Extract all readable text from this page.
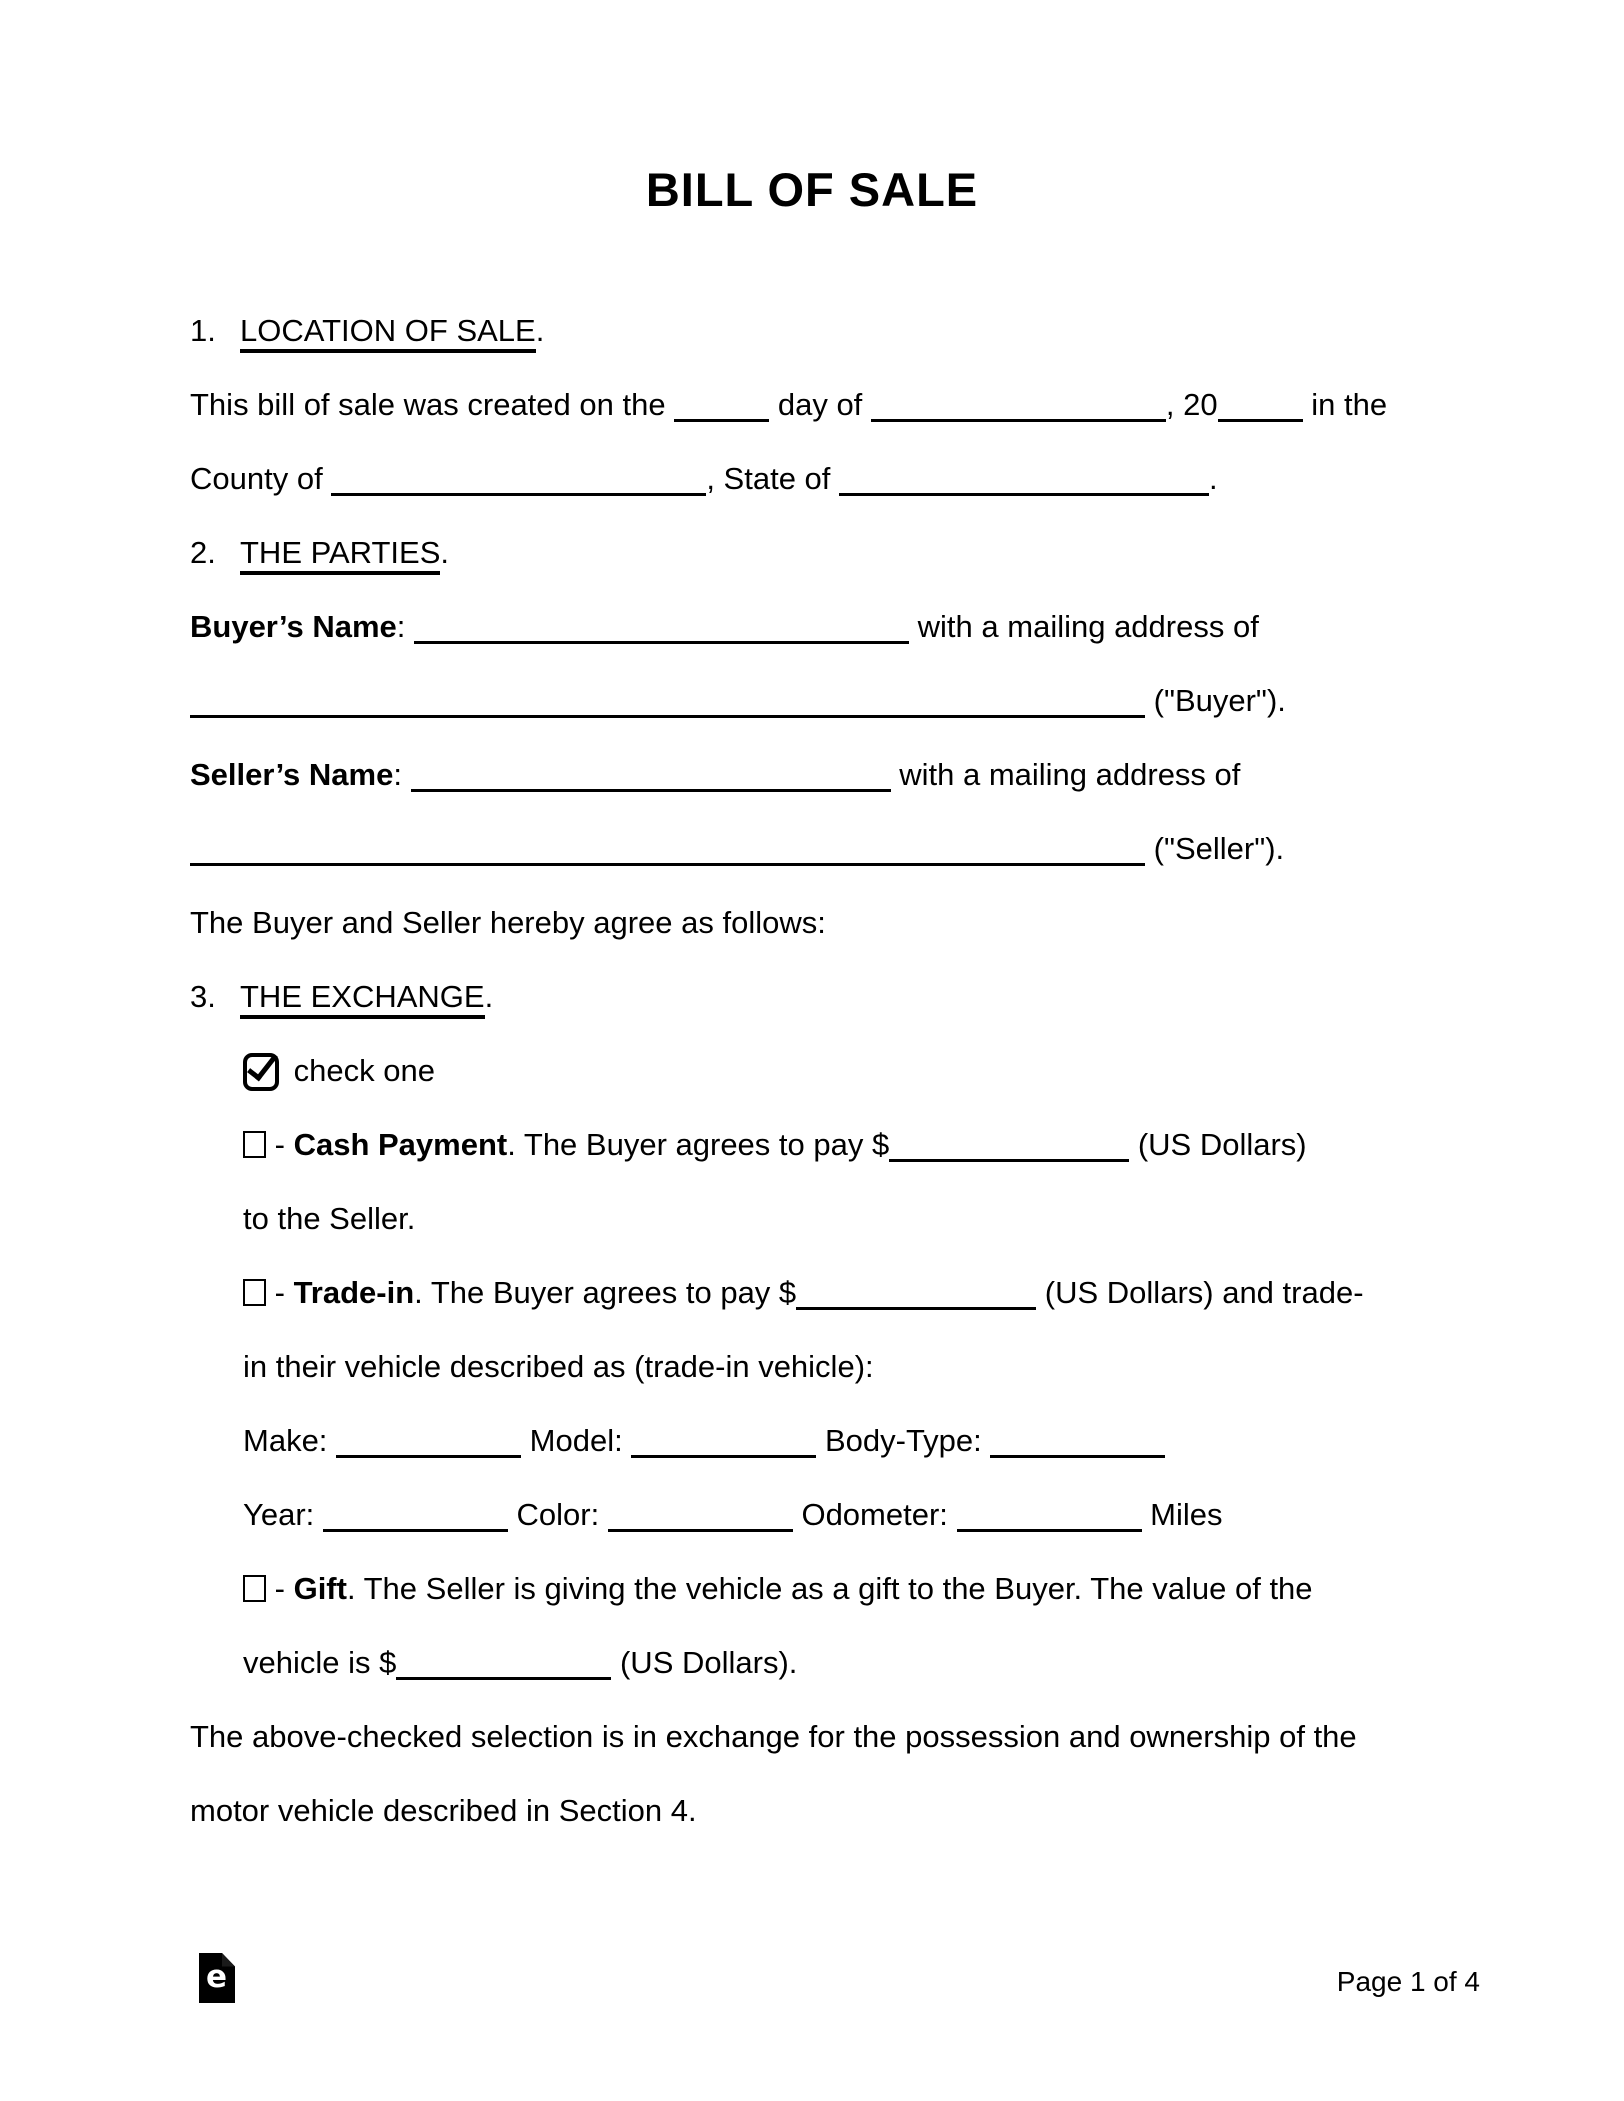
BILL OF SALE
1. LOCATION OF SALE.
This bill of sale was created on the	day of	, 20	in the
County of	, State of	.
2. THE PARTIES.
Buyer’s Name:	with a mailing address of
("Buyer").
Seller’s Name:	with a mailing address of
("Seller").
The Buyer and Seller hereby agree as follows:
3. THE EXCHANGE.
check one
- Cash Payment. The Buyer agrees to pay $	(US Dollars)
to the Seller.
- Trade-in. The Buyer agrees to pay $	(US Dollars) and trade-
in their vehicle described as (trade-in vehicle):
Make:	Model:	Body-Type:
Year:	Color:	Odometer:	Miles
- Gift. The Seller is giving the vehicle as a gift to the Buyer. The value of the
vehicle is $	(US Dollars).
The above-checked selection is in exchange for the possession and ownership of the
motor vehicle described in Section 4.
e	Page 1 of 4
